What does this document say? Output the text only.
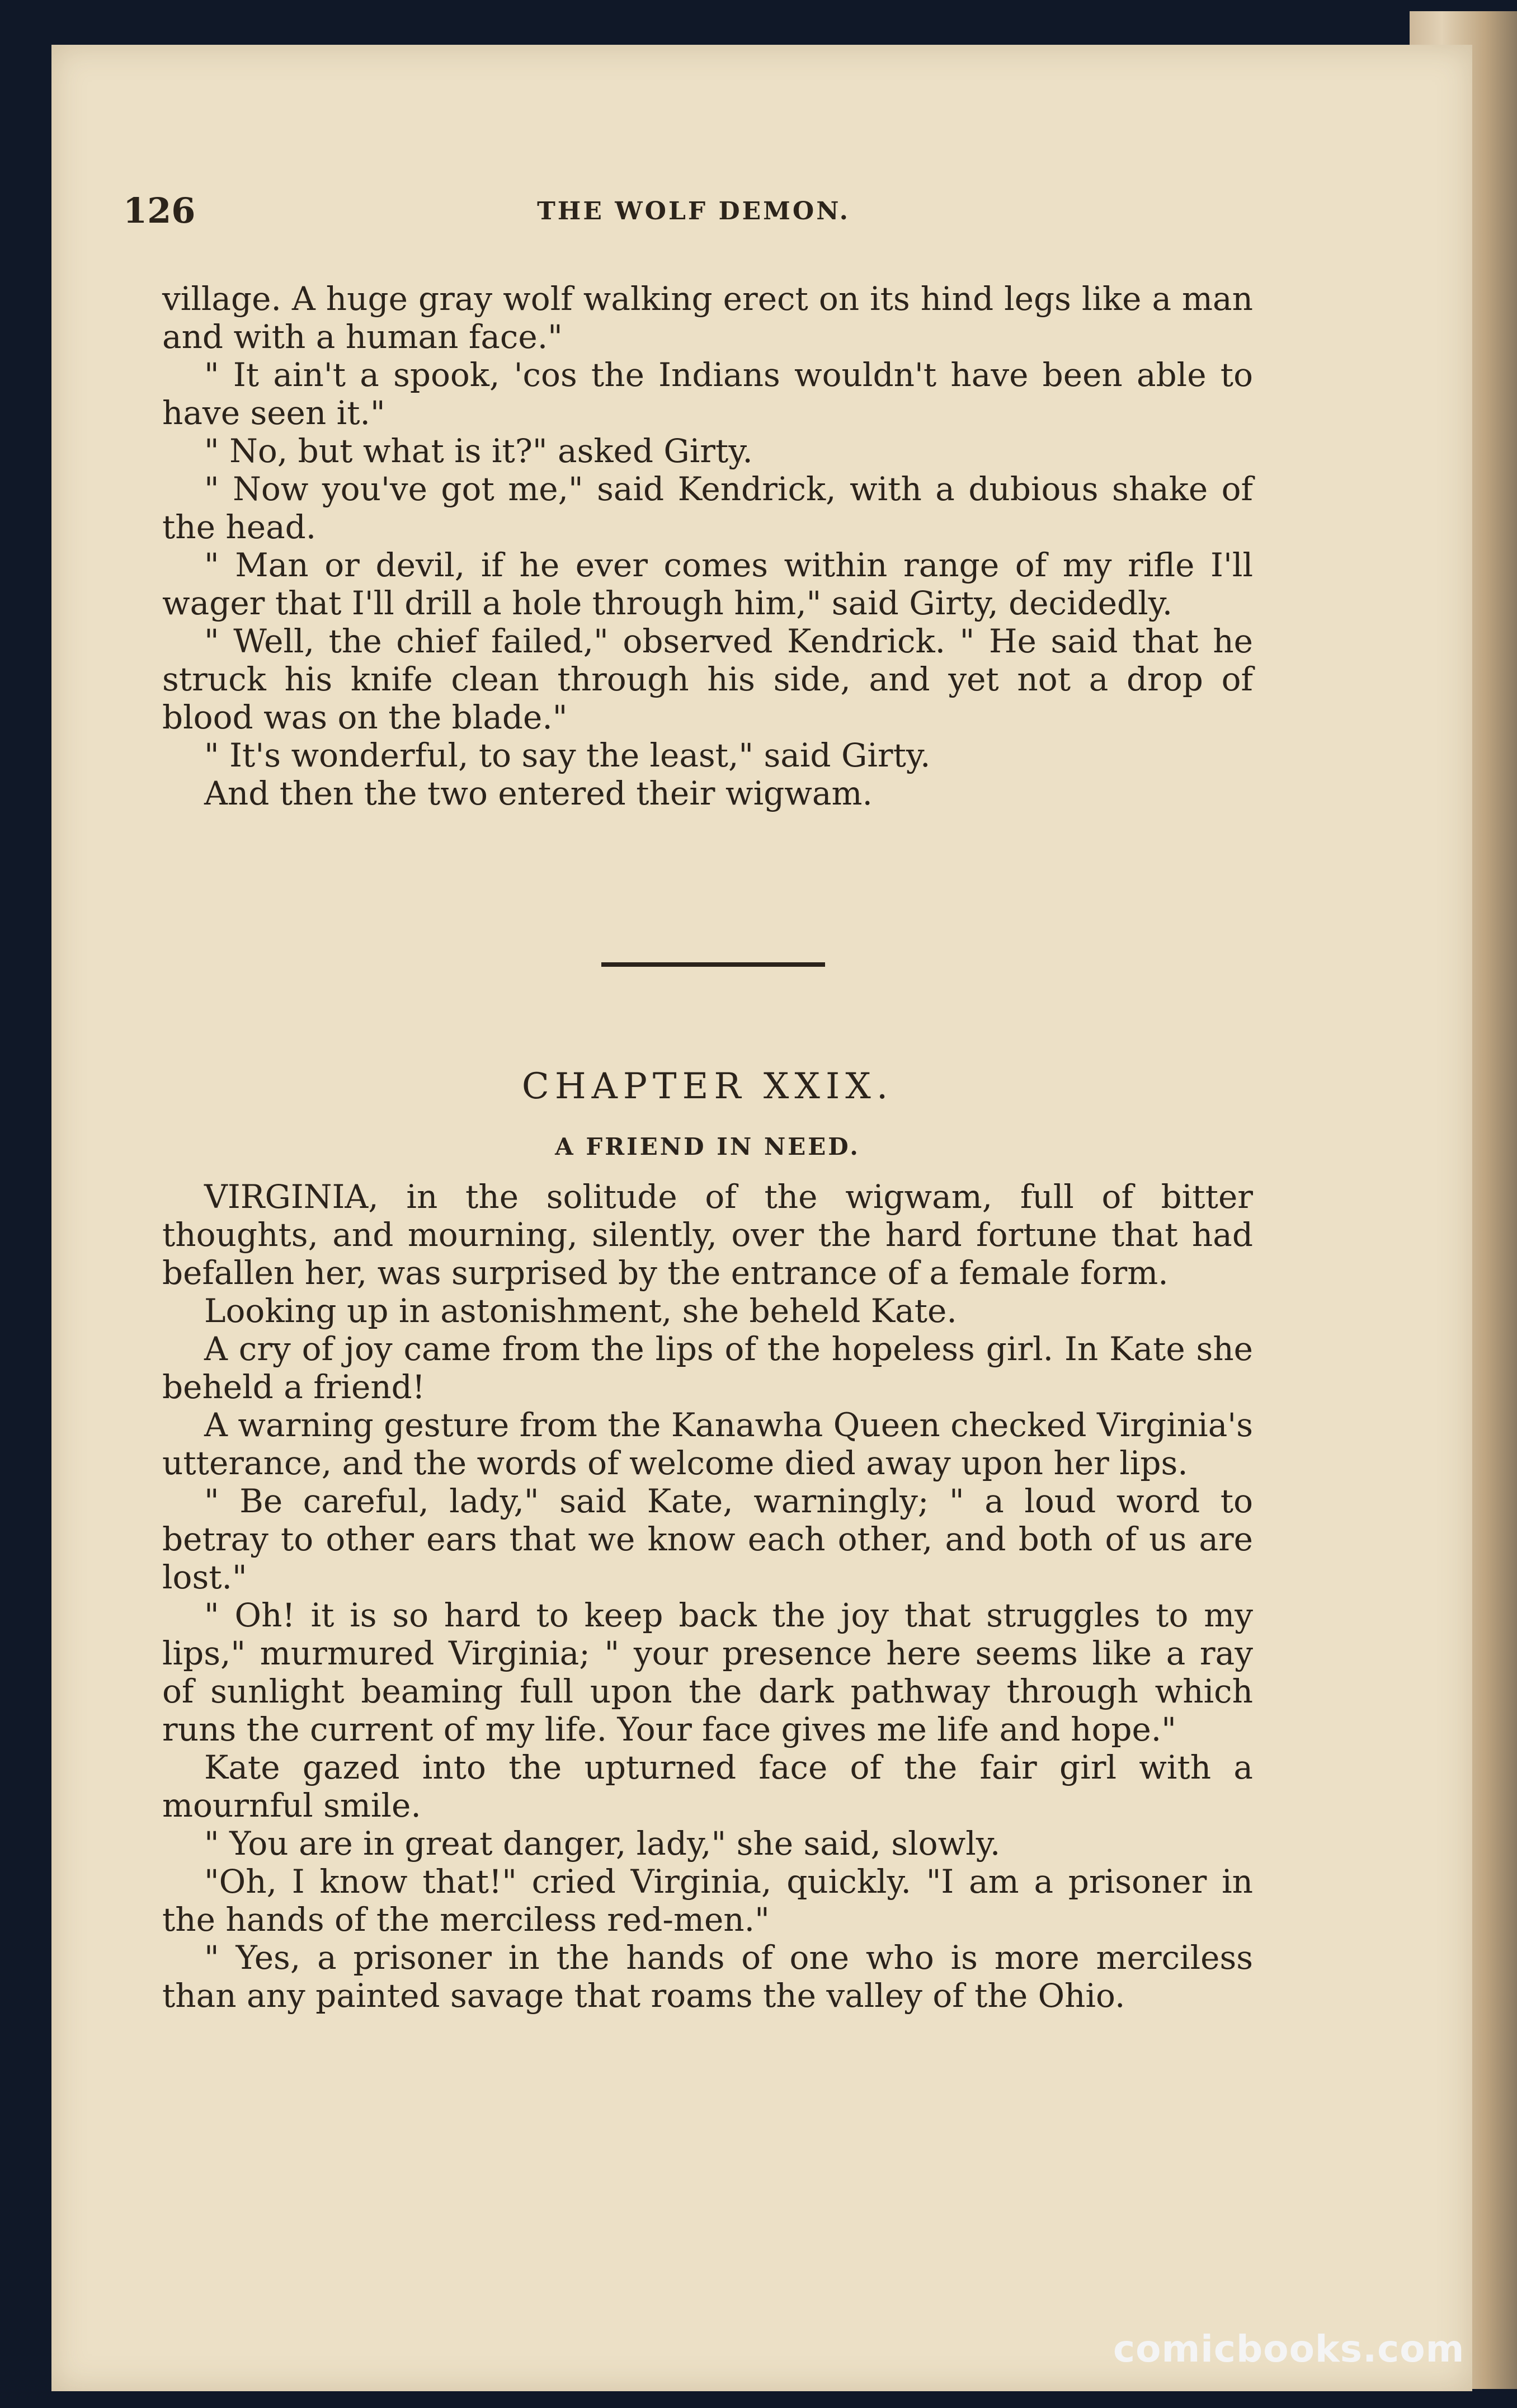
126	THE WOLF DEMON.

village. A huge gray wolf walking erect on its hind legs like a man and with a human face."

" It ain't a spook, 'cos the Indians wouldn't have been able to have seen it."

" No, but what is it?" asked Girty.

" Now you've got me," said Kendrick, with a dubious shake of the head.

" Man or devil, if he ever comes within range of my rifle I'll wager that I'll drill a hole through him," said Girty, decidedly.

" Well, the chief failed," observed Kendrick. " He said that he struck his knife clean through his side, and yet not a drop of blood was on the blade."

" It's wonderful, to say the least," said Girty.

And then the two entered their wigwam.

CHAPTER XXIX.
A FRIEND IN NEED.

VIRGINIA, in the solitude of the wigwam, full of bitter thoughts, and mourning, silently, over the hard fortune that had befallen her, was surprised by the entrance of a female form.

Looking up in astonishment, she beheld Kate.

A cry of joy came from the lips of the hopeless girl. In Kate she beheld a friend!

A warning gesture from the Kanawha Queen checked Virginia's utterance, and the words of welcome died away upon her lips.

" Be careful, lady," said Kate, warningly; " a loud word to betray to other ears that we know each other, and both of us are lost."

" Oh! it is so hard to keep back the joy that struggles to my lips," murmured Virginia; " your presence here seems like a ray of sunlight beaming full upon the dark pathway through which runs the current of my life. Your face gives me life and hope."

Kate gazed into the upturned face of the fair girl with a mournful smile.

" You are in great danger, lady," she said, slowly.

"Oh, I know that!" cried Virginia, quickly. "I am a prisoner in the hands of the merciless red-men."

" Yes, a prisoner in the hands of one who is more merciless than any painted savage that roams the valley of the Ohio.

comicbooks.com
